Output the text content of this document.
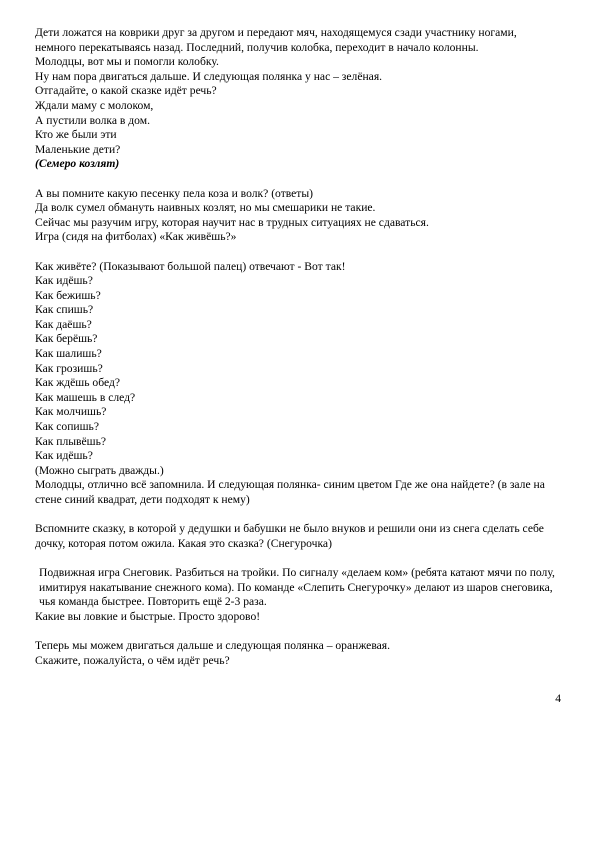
Дети ложатся на коврики друг за другом и передают мяч, находящемуся сзади участнику ногами,
немного перекатываясь назад. Последний, получив колобка, переходит в начало колонны.
Молодцы, вот мы и помогли колобку.
Ну нам пора двигаться дальше. И следующая полянка у нас – зелёная.
Отгадайте, о какой сказке идёт речь?
Ждали маму с молоком,
А пустили волка в дом.
Кто же были эти
Маленькие дети?
(Семеро козлят)
А вы помните какую песенку пела коза и волк? (ответы)
Да волк сумел обмануть наивных козлят, но мы смешарики не такие.
Сейчас мы разучим игру, которая научит нас в трудных ситуациях не сдаваться.
Игра (сидя на фитболах) «Как живёшь?»
Как живёте? (Показывают большой палец) отвечают - Вот так!
Как идёшь?
Как бежишь?
Как спишь?
Как даёшь?
Как берёшь?
Как шалишь?
Как грозишь?
Как ждёшь обед?
Как машешь в след?
Как молчишь?
Как сопишь?
Как плывёшь?
Как идёшь?
(Можно сыграть дважды.)
Молодцы, отлично всё запомнила. И следующая полянка- синим цветом Где же она найдете? (в зале на стене синий квадрат, дети подходят к нему)
Вспомните сказку, в которой у дедушки и бабушки не было внуков и решили они из снега сделать себе дочку, которая потом ожила. Какая это сказка? (Снегурочка)
Подвижная игра Снеговик. Разбиться на тройки. По сигналу «делаем ком» (ребята катают мячи по полу, имитируя накатывание снежного кома). По команде «Слепить Снегурочку» делают из шаров снеговика, чья команда быстрее. Повторить ещё 2-3 раза.
Какие вы ловкие и быстрые. Просто здорово!
Теперь мы можем двигаться дальше и следующая полянка – оранжевая.
Скажите, пожалуйста, о чём идёт речь?
4
